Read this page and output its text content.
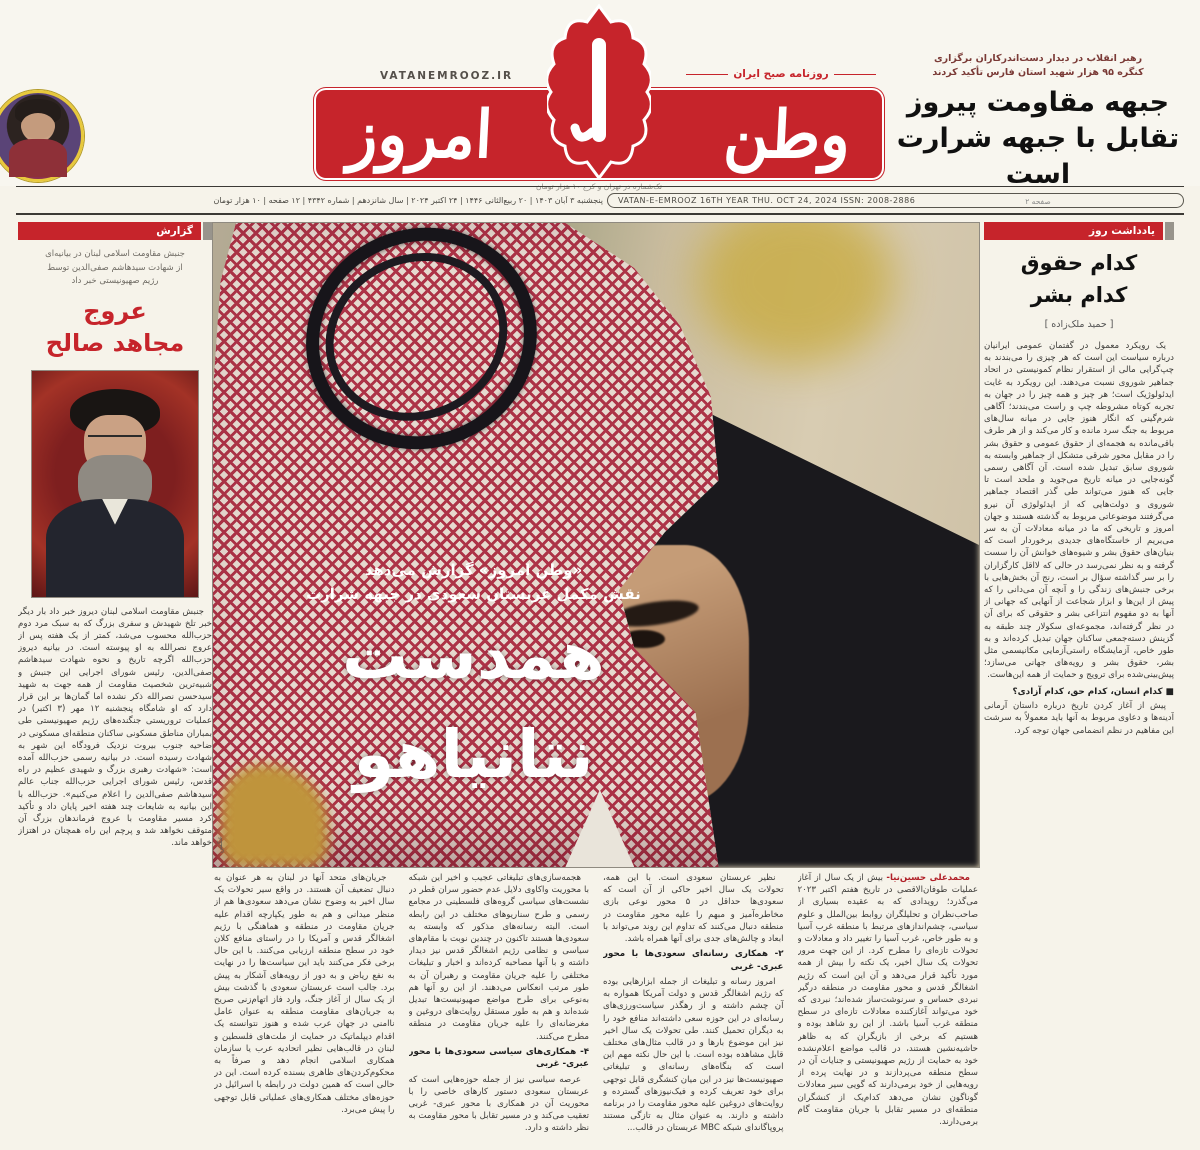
رهبر انقلاب در دیدار دست‌اندرکاران برگزاری
کنگره ۹۵ هزار شهید استان فارس تأکید کردند
جبهه مقاومت پیروز
تقابل با جبهه شرارت است
صفحه ۲
روزنامه صبح ایران
VATANEMROOZ.IR
وطن
امروز
تک‌شماره در تهران و کرج ۱۰ هزار تومان
VATAN-E-EMROOZ 16TH YEAR THU. OCT 24, 2024 ISSN: 2008-2886
پنجشنبه ۳ آبان ۱۴۰۳ | ۲۰ ربیع‌الثانی ۱۴۴۶ | ۲۴ اکتبر ۲۰۲۴ | سال شانزدهم | شماره ۴۳۴۲ | ۱۲ صفحه | ۱۰ هزار تومان
یادداشت روز
کدام حقوق
کدام بشر
[ حمید ملک‌زاده ]

یک رویکرد معمول در گفتمان عمومی ایرانیان درباره سیاست این است که هر چیزی را می‌بندند به چپ‌گرایی مالی از استقرار نظام کمونیستی در اتحاد جماهیر شوروی نسبت می‌دهند. این رویکرد به غایت ایدئولوژیک است؛ هر چیز و همه چیز را در جهان به تجربه کوتاه مشروطه چپ و راست می‌بندند؛ آگاهی شرم‌گینی که انگار هنوز جایی در میانه سال‌های مربوط به جنگ سرد مانده و کار می‌کند و از هر طرف باقی‌مانده به هجمه‌ای از حقوق عمومی و حقوق بشر را در مقابل محور شرقی متشکل از جماهیر وابسته به شوروی سابق تبدیل شده است. آن آگاهی رسمی گونه‌جایی در میانه تاریخ می‌جوید و ملحد است تا جایی که هنوز می‌تواند طی گذر اقتصاد جماهیر شوروی و دولت‌هایی که از ایدئولوژی آن نیرو می‌گرفتند موضوعاتی مربوط به گذشته هستند و جهان امروز و تاریخی که ما در میانه معادلات آن به سر می‌بریم از خاستگاه‌های جدیدی برخوردار است که بنیان‌های حقوق بشر و شیوه‌های خوانش آن را سست گرفته و به نظر نمی‌رسد در حالی که لااقل کارگزاران را بر سر گذاشته سؤال بر است، رنج آن بخش‌هایی با برخی جنبش‌های زندگی را و آنچه آن می‌دانی را که پیش از این‌ها و ابزار شجاعت از آنهایی که جهانی از آنها به دو مفهوم انتزاعی بشر و حقوقی که برای آن در نظر گرفته‌اند، مجموعه‌ای سکولار چند طبقه به گزینش دسته‌جمعی ساکنان جهان تبدیل کرده‌اند و به طور خاص، آزمایشگاه راستی‌آزمایی مکانیسمی مثل بشر، حقوق بشر و رویه‌های جهانی می‌سازد؛ پیش‌بینی‌شده برای ترویج و حمایت از همه این‌هاست.

■ کدام انسان، کدام حق، کدام آزادی؟

پیش از آغاز کردن تاریخ درباره داستان آرمانی آدینه‌ها و دعاوی مربوط به آنها باید معمولاً به سرشت این مفاهیم در نظم انضمامی جهان توجه کرد.

عکس
«وطن امروز» گزارش می‌دهد
نقش مکمل عربستان سعودی در جبهه شرارت
همدست
نتانیاهو
گزارش
جنبش مقاومت اسلامی لبنان در بیانیه‌ای
از شهادت سیدهاشم صفی‌الدین توسط
رژیم صهیونیستی خبر داد
عروج
مجاهد صالح

جنبش مقاومت اسلامی لبنان دیروز خبر داد بار دیگر خبر تلخ شهیدش و سفری بزرگ که به سبک مرد دوم حزب‌الله محسوب می‌شد، کمتر از یک هفته پس از عروج نصرالله به او پیوسته است. در بیانیه دیروز حزب‌الله اگرچه تاریخ و نحوه شهادت سیدهاشم صفی‌الدین، رئیس شورای اجرایی این جنبش و شبیه‌ترین شخصیت مقاومت از همه جهت به شهید سیدحسن نصرالله ذکر نشده اما گمان‌ها بر این قرار دارد که او شامگاه پنجشنبه ۱۲ مهر (۳ اکتبر) در عملیات تروریستی جنگنده‌های رژیم صهیونیستی طی بمباران مناطق مسکونی ساکنان منطقه‌ای مسکونی در ضاحیه جنوب بیروت نزدیک فرودگاه این شهر به شهادت رسیده است. در بیانیه رسمی حزب‌الله آمده است: «شهادت رهبری بزرگ و شهیدی عظیم در راه قدس، رئیس شورای اجرایی حزب‌الله جناب عالم سیدهاشم صفی‌الدین را اعلام می‌کنیم». حزب‌الله با این بیانیه به شایعات چند هفته اخیر پایان داد و تأکید کرد مسیر مقاومت با عروج فرماندهان بزرگ آن متوقف نخواهد شد و پرچم این راه همچنان در اهتزاز خواهد ماند.

محمدعلی حسین‌نیا- بیش از یک سال از آغاز عملیات طوفان‌الاقصی در تاریخ هفتم اکتبر ۲۰۲۳ می‌گذرد؛ رویدادی که به عقیده بسیاری از صاحب‌نظران و تحلیلگران روابط بین‌الملل و علوم سیاسی، چشم‌اندازهای مرتبط با منطقه غرب آسیا و به طور خاص، غرب آسیا را تغییر داد و معادلات و تحولات تازه‌ای را مطرح کرد. از این جهت مرور تحولات یک سال اخیر، یک نکته را بیش از همه مورد تأکید قرار می‌دهد و آن این است که رژیم اشغالگر قدس و محور مقاومت در منطقه درگیر نبردی حساس و سرنوشت‌ساز شده‌اند؛ نبردی که خود می‌تواند آغازکننده معادلات تازه‌ای در سطح منطقه غرب آسیا باشد. از این رو شاهد بوده و هستیم که برخی از بازیگران که به ظاهر حاشیه‌نشین هستند، در قالب مواضع اعلام‌نشده خود به حمایت از رژیم صهیونیستی و جنایات آن در سطح منطقه می‌پردازند و در نهایت پرده از رویه‌هایی از خود برمی‌دارند که گویی سیر معادلات گوناگون نشان می‌دهد کدام‌یک از کنشگران منطقه‌ای در مسیر تقابل با جریان مقاومت گام برمی‌دارند.

نظیر عربستان سعودی است. با این همه، تحولات یک سال اخیر حاکی از آن است که سعودی‌ها حداقل در ۵ محور نوعی بازی مخاطره‌آمیز و مبهم را علیه محور مقاومت در منطقه دنبال می‌کنند که تداوم این روند می‌تواند با ابعاد و چالش‌های جدی برای آنها همراه باشد.

۲- همکاری رسانه‌ای سعودی‌ها با محور عبری- غربی

امروز رسانه و تبلیغات از جمله ابزارهایی بوده که رژیم اشغالگر قدس و دولت آمریکا همواره به آن چشم داشته و از رهگذر سیاست‌ورزی‌های رسانه‌ای در این حوزه سعی داشته‌اند منافع خود را به دیگران تحمیل کنند. طی تحولات یک سال اخیر نیز این موضوع بارها و در قالب مثال‌های مختلف قابل مشاهده بوده است. با این حال نکته مهم این است که بنگاه‌های رسانه‌ای و تبلیغاتی صهیونیست‌ها نیز در این میان کنشگری قابل توجهی برای خود تعریف کرده و فیک‌نیوزهای گسترده و روایت‌های دروغین علیه محور مقاومت را در برنامه داشته و دارند. به عنوان مثال به تازگی مستند پروپاگاندای شبکه MBC عربستان در قالب...

هجمه‌سازی‌های تبلیغاتی عجیب و اخیر این شبکه با محوریت واکاوی دلایل عدم حضور سران قطر در نشست‌های سیاسی گروه‌های فلسطینی در مجامع رسمی و طرح سناریوهای مختلف در این رابطه است. البته رسانه‌های مذکور که وابسته به سعودی‌ها هستند تاکنون در چندین نوبت با مقام‌های سیاسی و نظامی رژیم اشغالگر قدس نیز دیدار داشته و با آنها مصاحبه کرده‌اند و اخبار و تبلیغات مختلفی را علیه جریان مقاومت و رهبران آن به طور مرتب انعکاس می‌دهند. از این رو آنها هم به‌نوعی برای طرح مواضع صهیونیست‌ها تبدیل شده‌اند و هم به طور مستقل روایت‌های دروغین و مغرضانه‌ای را علیه جریان مقاومت در منطقه مطرح می‌کنند.

۴- همکاری‌های سیاسی سعودی‌ها با محور عبری- غربی

عرصه سیاسی نیز از جمله حوزه‌هایی است که عربستان سعودی دستور کارهای خاصی را با محوریت آن در همکاری با محور عبری- غربی تعقیب می‌کند و در مسیر تقابل با محور مقاومت به نظر داشته و دارد.

جریان‌های متحد آنها در لبنان به هر عنوان به دنبال تضعیف آن هستند. در واقع سیر تحولات یک سال اخیر به وضوح نشان می‌دهد سعودی‌ها هم از منظر میدانی و هم به طور یکپارچه اقدام علیه جریان مقاومت در منطقه و هماهنگی با رژیم اشغالگر قدس و آمریکا را در راستای منافع کلان خود در سطح منطقه ارزیابی می‌کنند. با این حال برخی فکر می‌کنند باید این سیاست‌ها را در نهایت به نفع ریاض و به دور از رویه‌های آشکار به پیش برد. جالب است عربستان سعودی با گذشت بیش از یک سال از آغاز جنگ، وارد فاز اتهام‌زنی صریح به جریان‌های مقاومت منطقه به عنوان عامل ناامنی در جهان عرب شده و هنوز نتوانسته یک اقدام دیپلماتیک در حمایت از ملت‌های فلسطین و لبنان در قالب‌هایی نظیر اتحادیه عرب یا سازمان همکاری اسلامی انجام دهد و صرفاً به محکوم‌کردن‌های ظاهری بسنده کرده است. این در حالی است که همین دولت در رابطه با اسرائیل در حوزه‌های مختلف همکاری‌های عملیاتی قابل توجهی را پیش می‌برد.
